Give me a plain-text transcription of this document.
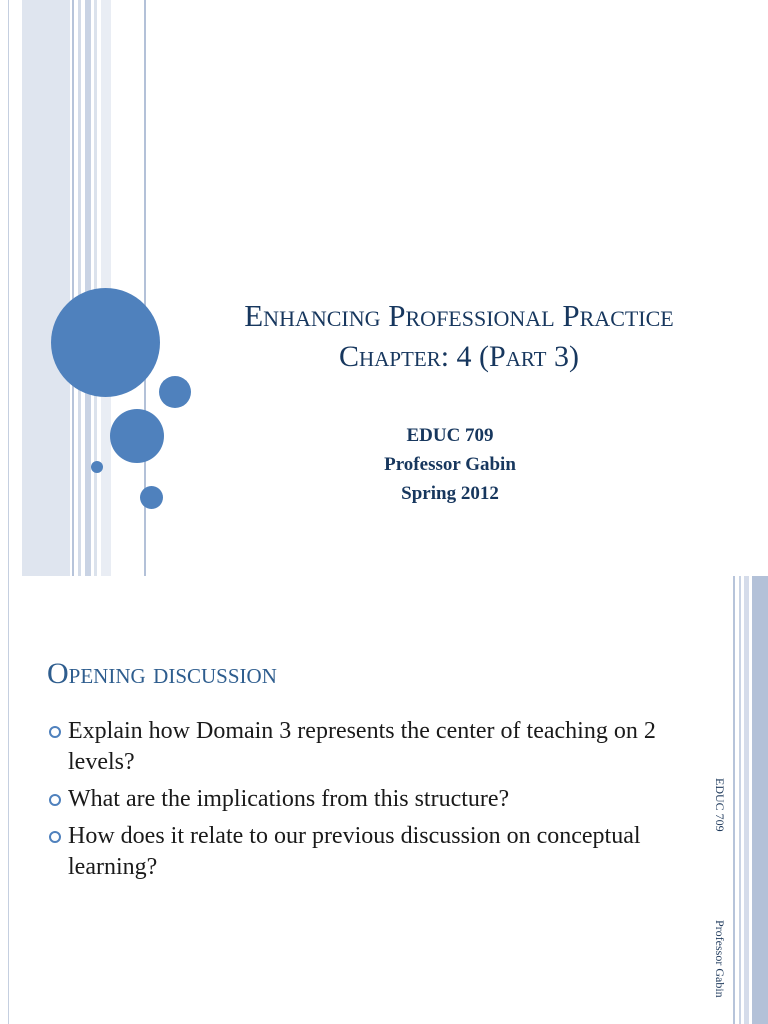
Enhancing Professional Practice
Chapter: 4 (Part 3)
EDUC 709
Professor Gabin
Spring 2012
Opening discussion
Explain how Domain 3 represents the center of teaching on 2 levels?
What are the implications from this structure?
How does it relate to our previous discussion on conceptual learning?
EDUC 709
Professor Gabin
